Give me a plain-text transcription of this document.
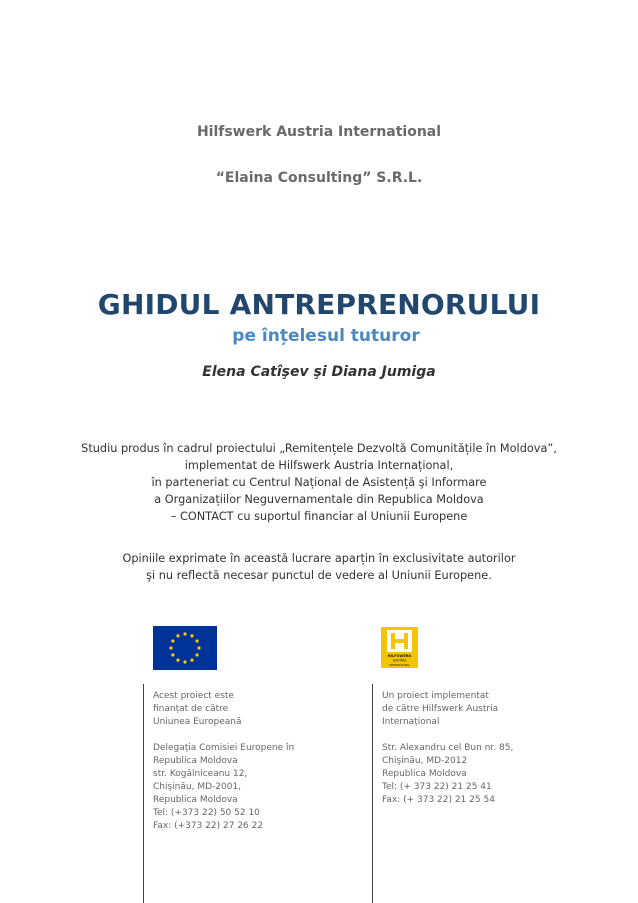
Hilfswerk Austria International
“Elaina Consulting” S.R.L.
GHIDUL ANTREPRENORULUI
pe înțelesul tuturor
Elena Catîşev şi Diana Jumiga
Studiu produs în cadrul proiectului „Remitențele Dezvoltă Comunitățile în Moldova”,
implementat de Hilfswerk Austria Internațional,
în parteneriat cu Centrul Național de Asistență şi Informare
a Organizațiilor Neguvernamentale din Republica Moldova
– CONTACT cu suportul financiar al Uniunii Europene
Opiniile exprimate în această lucrare aparțin în exclusivitate autorilor
şi nu reflectă necesar punctul de vedere al Uniunii Europene.
HILFSWERK
AUSTRIA
INTERNATIONAL
Acest proiect este
finanțat de către
Uniunea Europeană
Delegația Comisiei Europene în
Republica Moldova
str. Kogălniceanu 12,
Chişinău, MD-2001,
Republica Moldova
Tel: (+373 22) 50 52 10
Fax: (+373 22) 27 26 22
Un proiect implementat
de către Hilfswerk Austria
Internațional
Str. Alexandru cel Bun nr. 85,
Chişinău, MD-2012
Republica Moldova
Tel: (+ 373 22) 21 25 41
Fax: (+ 373 22) 21 25 54
